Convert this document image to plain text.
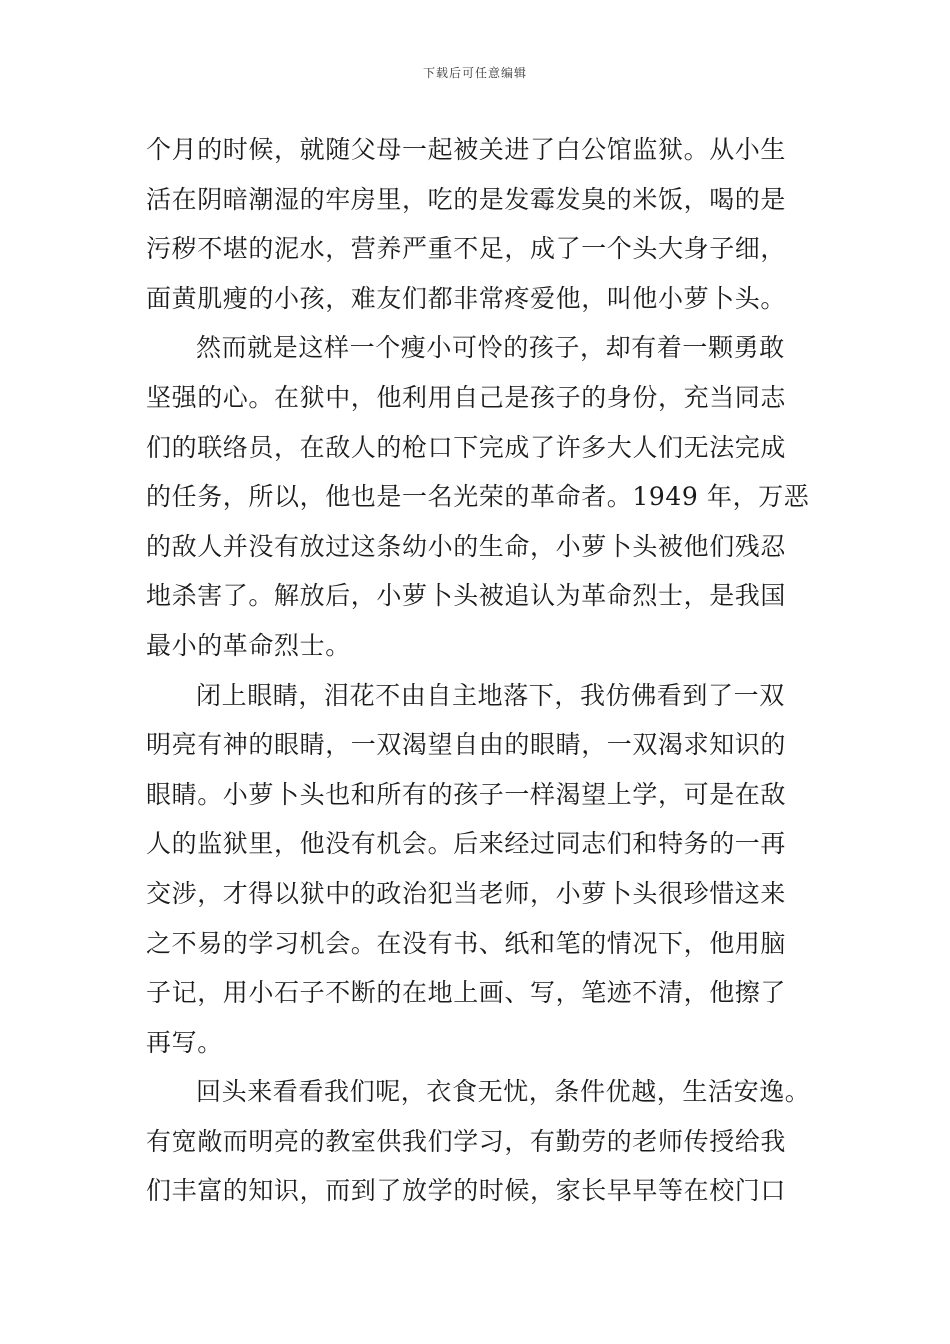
下载后可任意编辑
个月的时候，就随父母一起被关进了白公馆监狱。从小生
活在阴暗潮湿的牢房里，吃的是发霉发臭的米饭，喝的是
污秽不堪的泥水，营养严重不足，成了一个头大身子细，
面黄肌瘦的小孩，难友们都非常疼爱他，叫他小萝卜头。
然而就是这样一个瘦小可怜的孩子，却有着一颗勇敢
坚强的心。在狱中，他利用自己是孩子的身份，充当同志
们的联络员，在敌人的枪口下完成了许多大人们无法完成
的任务，所以，他也是一名光荣的革命者。1949 年，万恶
的敌人并没有放过这条幼小的生命，小萝卜头被他们残忍
地杀害了。解放后，小萝卜头被追认为革命烈士，是我国
最小的革命烈士。
闭上眼睛，泪花不由自主地落下，我仿佛看到了一双
明亮有神的眼睛，一双渴望自由的眼睛，一双渴求知识的
眼睛。小萝卜头也和所有的孩子一样渴望上学，可是在敌
人的监狱里，他没有机会。后来经过同志们和特务的一再
交涉，才得以狱中的政治犯当老师，小萝卜头很珍惜这来
之不易的学习机会。在没有书、纸和笔的情况下，他用脑
子记，用小石子不断的在地上画、写，笔迹不清，他擦了
再写。
回头来看看我们呢，衣食无忧，条件优越，生活安逸。
有宽敞而明亮的教室供我们学习，有勤劳的老师传授给我
们丰富的知识，而到了放学的时候，家长早早等在校门口
